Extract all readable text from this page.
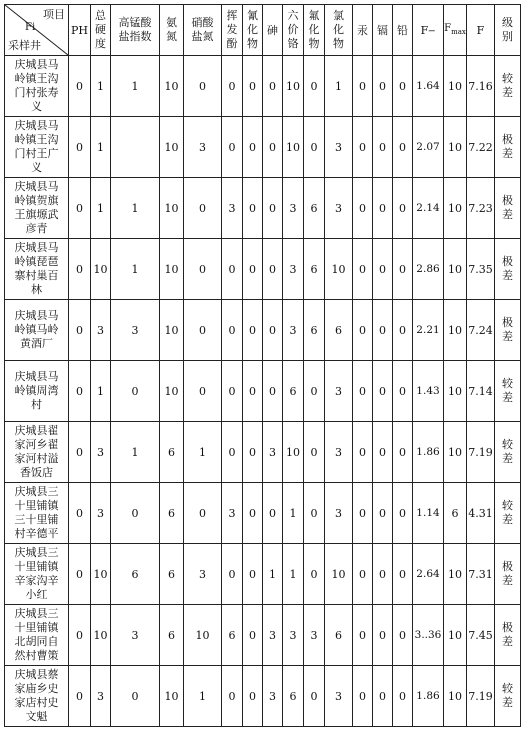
项目
Fi
采样井	PH	总硬度	高锰酸盐指数	氨氮	硝酸盐氮	挥发酚	氰化物	砷	六价铬	氟化物	氯化物	汞	镉	铅	F‒	$F_{max}$	F	级别

庆城县马岭镇王沟门村张寿义	0	1	1	10	0	0	0	0	10	0	1	0	0	0	1.64	10	7.16	较差

庆城县马岭镇王沟门村王广义	0	1		10	3	0	0	0	10	0	3	0	0	0	2.07	10	7.22	极差

庆城县马岭镇贺旗王旗塬武彦青	0	1	1	10	0	3	0	0	3	6	3	0	0	0	2.14	10	7.23	极差

庆城县马岭镇琵琶寨村巢百林	0	10	1	10	0	0	0	0	3	6	10	0	0	0	2.86	10	7.35	极差

庆城县马岭镇马岭黄酒厂	0	3	3	10	0	0	0	0	3	6	6	0	0	0	2.21	10	7.24	极差

庆城县马岭镇周湾村	0	1	0	10	0	0	0	0	6	0	3	0	0	0	1.43	10	7.14	较差

庆城县翟家河乡翟家河村溢香饭店	0	3	1	6	1	0	0	3	10	0	3	0	0	0	1.86	10	7.19	较差

庆城县三十里铺镇三十里铺村辛德平	0	3	0	6	0	3	0	0	1	0	3	0	0	0	1.14	6	4.31	较差

庆城县三十里铺镇辛家沟辛小红	0	10	6	6	3	0	0	1	1	0	10	0	0	0	2.64	10	7.31	极差

庆城县三十里铺镇北胡同自然村曹策	0	10	3	6	10	6	0	3	3	3	6	0	0	0	3..36	10	7.45	极差

庆城县蔡家庙乡史家店村史文魁	0	3	0	10	1	0	0	3	6	0	3	0	0	0	1.86	10	7.19	较差
